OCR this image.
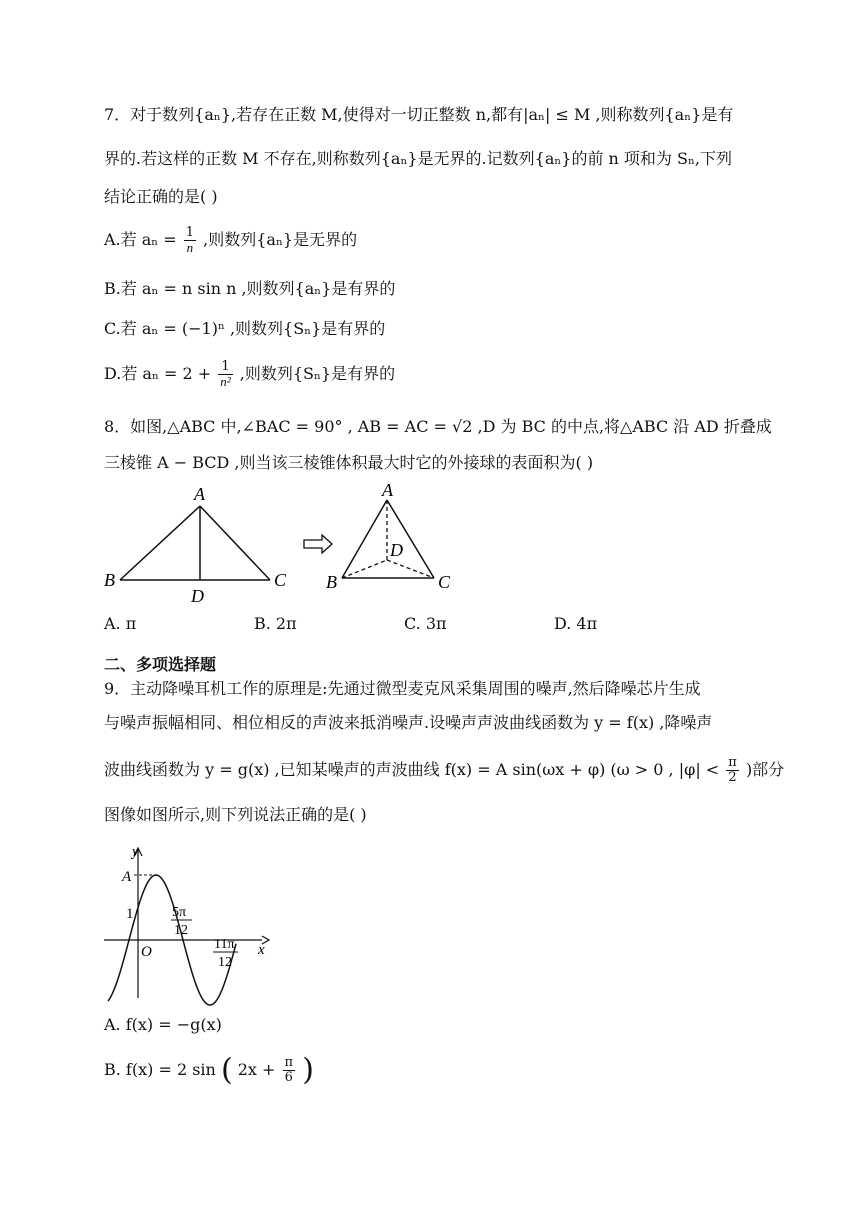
7．对于数列{aₙ},若存在正数 M,使得对一切正整数 n,都有|aₙ| ≤ M ,则称数列{aₙ}是有
界的.若这样的正数 M 不存在,则称数列{aₙ}是无界的.记数列{aₙ}的前 n 项和为 Sₙ,下列
结论正确的是( )
A.若 $a_n = \frac{1}{n}$ ,则数列{aₙ}是无界的
B.若 aₙ = n sin n ,则数列{aₙ}是有界的
C.若 aₙ = (−1)ⁿ ,则数列{Sₙ}是有界的
D.若 $a_n = 2 + \frac{1}{\text{n²}}$ ,则数列{Sₙ}是有界的
8．如图,△ABC 中,∠BAC = 90° , AB = AC = √2 ,D 为 BC 的中点,将△ABC 沿 AD 折叠成
三棱锥 A − BCD ,则当该三棱锥体积最大时它的外接球的表面积为( )
A
B	C
D
A
B	C
D
A. π	B. 2π	C. 3π	D. 4π
二、多项选择题
9．主动降噪耳机工作的原理是:先通过微型麦克风采集周围的噪声,然后降噪芯片生成
与噪声振幅相同、相位相反的声波来抵消噪声.设噪声声波曲线函数为 y = f(x) ,降噪声
波曲线函数为 y = g(x) ,已知某噪声的声波曲线 f(x) = A sin(ωx + φ) (ω > 0 , $|\varphi| < \frac{\pi}{2}$ )部分
图像如图所示,则下列说法正确的是( )
y
x
O
A
1	5π
12
11π
12
A. f(x) = −g(x)
B. f(x) = 2 sin ( $2x + \frac{\pi}{6}$ )
